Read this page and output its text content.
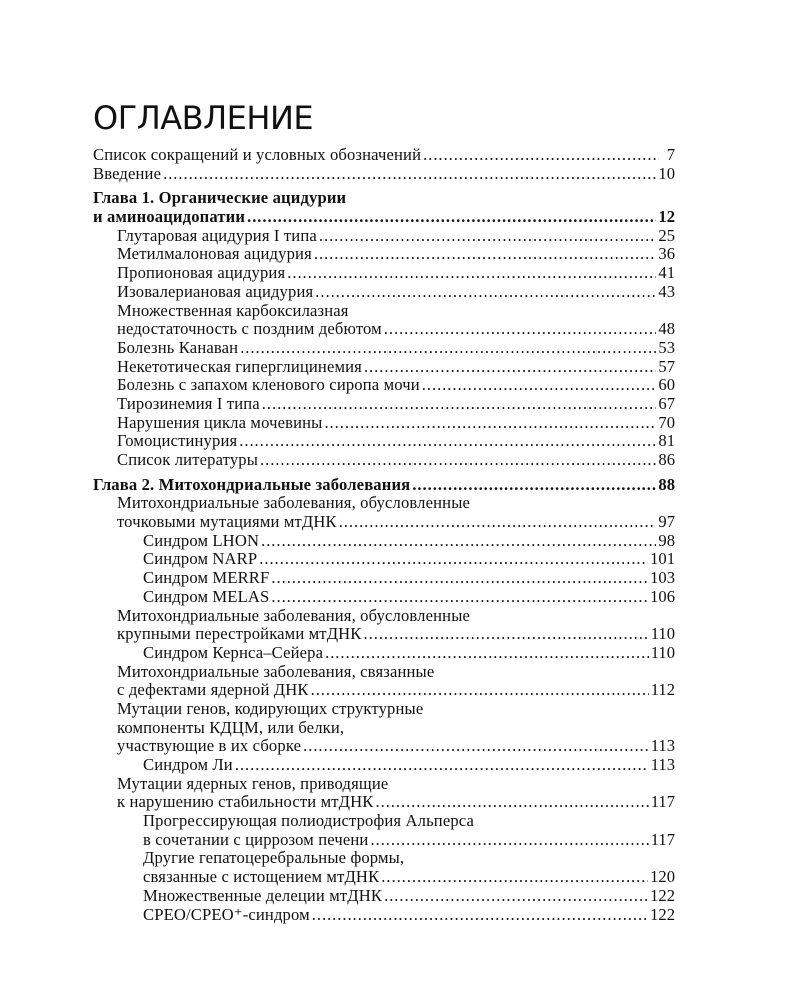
ОГЛАВЛЕНИЕ
Список сокращений и условных обозначений . . .	7
Введение . . .	10
Глава 1. Органические ацидурии
и аминоацидопатии . . .	12
Глутаровая ацидурия I типа . . .	25
Метилмалоновая ацидурия . . .	36
Пропионовая ацидурия . . .	41
Изовалериановая ацидурия . . .	43
Множественная карбоксилазная
недостаточность с поздним дебютом . . .	48
Болезнь Канаван . . .	53
Некетотическая гиперглицинемия . . .	57
Болезнь с запахом кленового сиропа мочи . . .	60
Тирозинемия I типа . . .	67
Нарушения цикла мочевины . . .	70
Гомоцистинурия . . .	81
Список литературы . . .	86
Глава 2. Митохондриальные заболевания . . .	88
Митохондриальные заболевания, обусловленные
точковыми мутациями мтДНК . . .	97
Синдром LHON . . .	98
Синдром NARP . . .	101
Синдром MERRF . . .	103
Синдром MELAS . . .	106
Митохондриальные заболевания, обусловленные
крупными перестройками мтДНК . . .	110
Синдром Кернса–Сейера . . .	110
Митохондриальные заболевания, связанные
с дефектами ядерной ДНК . . .	112
Мутации генов, кодирующих структурные
компоненты КДЦМ, или белки,
участвующие в их сборке . . .	113
Синдром Ли . . .	113
Мутации ядерных генов, приводящие
к нарушению стабильности мтДНК . . .	117
Прогрессирующая полиодистрофия Альперса
в сочетании с циррозом печени . . .	117
Другие гепатоцеребральные формы,
связанные с истощением мтДНК . . .	120
Множественные делеции мтДНК . . .	122
CPEO/CPEO⁺-синдром . . .	122
